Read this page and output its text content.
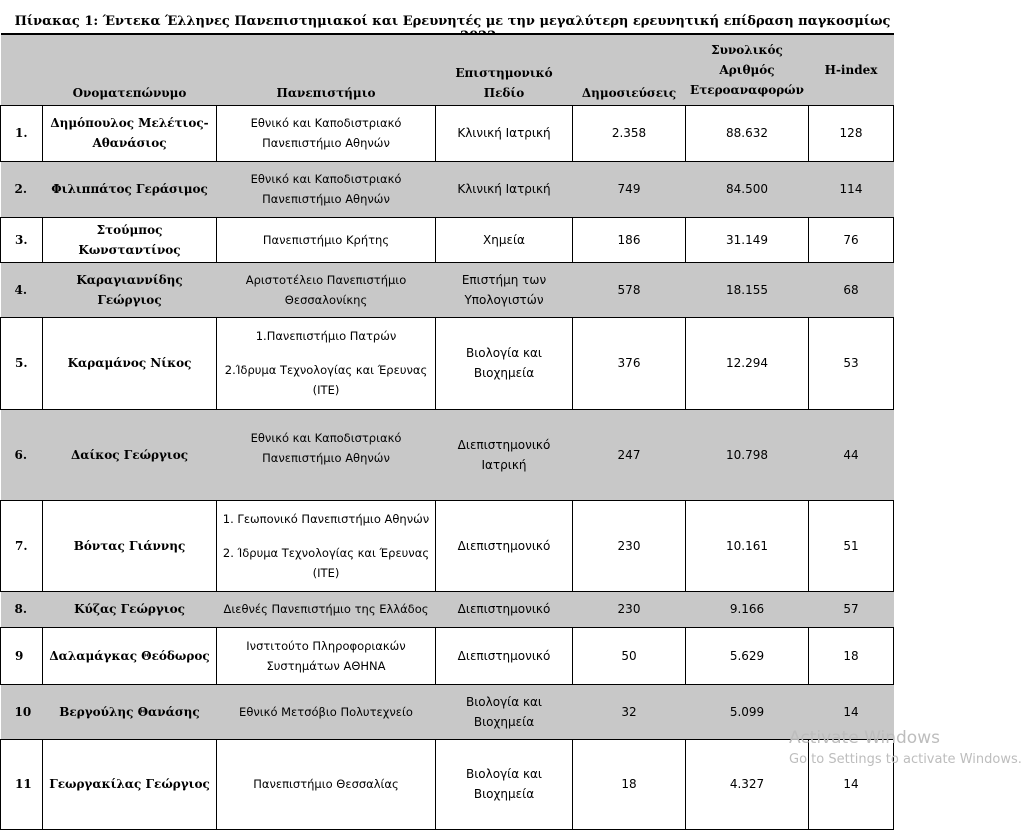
Πίνακας 1: Έντεκα Έλληνες Πανεπιστημιακοί και Ερευνητές με την μεγαλύτερη ερευνητική επίδραση παγκοσμίως για το 2022
	Ονοματεπώνυμο	Πανεπιστήμιο	Επιστημονικό Πεδίο	Δημοσιεύσεις	Συνολικός Αριθμός Ετεροαναφορών	H-index
1.	Δημόπουλος Μελέτιος-Αθανάσιος	Εθνικό και Καποδιστριακό Πανεπιστήμιο Αθηνών	Κλινική Ιατρική	2.358	88.632	128
2.	Φιλιππάτος Γεράσιμος	Εθνικό και Καποδιστριακό Πανεπιστήμιο Αθηνών	Κλινική Ιατρική	749	84.500	114
3.	Στούμπος Κωνσταντίνος	Πανεπιστήμιο Κρήτης	Χημεία	186	31.149	76
4.	Καραγιαννίδης Γεώργιος	Αριστοτέλειο Πανεπιστήμιο Θεσσαλονίκης	Επιστήμη των Υπολογιστών	578	18.155	68
5.	Καραμάνος Νίκος	1.Πανεπιστήμιο Πατρών
2.Ίδρυμα Τεχνολογίας και Έρευνας (ΙΤΕ)	Βιολογία και Βιοχημεία	376	12.294	53
6.	Δαίκος Γεώργιος	Εθνικό και Καποδιστριακό Πανεπιστήμιο Αθηνών	Διεπιστημονικό Ιατρική	247	10.798	44
7.	Βόντας Γιάννης	1. Γεωπονικό Πανεπιστήμιο Αθηνών
2. Ίδρυμα Τεχνολογίας και Έρευνας (ΙΤΕ)	Διεπιστημονικό	230	10.161	51
8.	Κύζας Γεώργιος	Διεθνές Πανεπιστήμιο της Ελλάδος	Διεπιστημονικό	230	9.166	57
9	Δαλαμάγκας Θεόδωρος	Ινστιτούτο Πληροφοριακών Συστημάτων ΑΘΗΝΑ	Διεπιστημονικό	50	5.629	18
10	Βεργούλης Θανάσης	Εθνικό Μετσόβιο Πολυτεχνείο	Βιολογία και Βιοχημεία	32	5.099	14
11	Γεωργακίλας Γεώργιος	Πανεπιστήμιο Θεσσαλίας	Βιολογία και Βιοχημεία	18	4.327	14
Activate Windows
Go to Settings to activate Windows.
